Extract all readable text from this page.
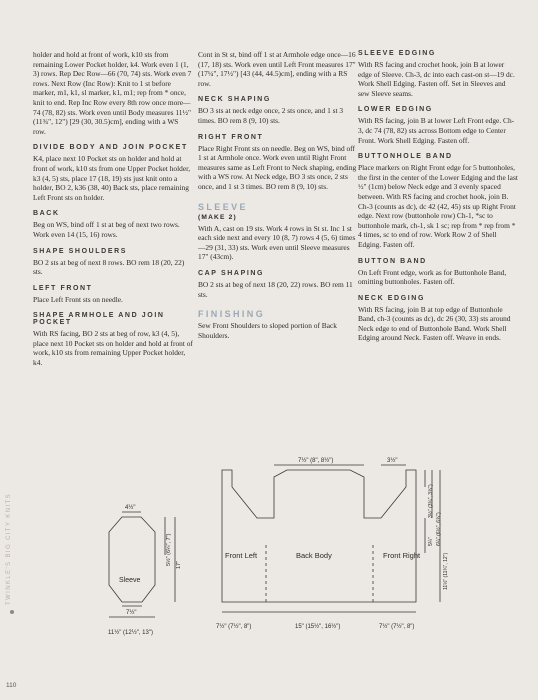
holder and hold at front of work, k10 sts from remaining Lower Pocket holder, k4. Work even 1 (1, 3) rows. Rep Dec Row—66 (70, 74) sts. Work even 7 rows. Next Row (Inc Row): Knit to 1 st before marker, m1, k1, sl marker, k1, m1; rep from * once, knit to end. Rep Inc Row every 8th row once more—74 (78, 82) sts. Work even until Body measures 11½" (11¾", 12") [29 (30, 30.5)cm], ending with a WS row.

DIVIDE BODY AND JOIN POCKET

K4, place next 10 Pocket sts on holder and hold at front of work, k10 sts from one Upper Pocket holder, k3 (4, 5) sts, place 17 (18, 19) sts just knit onto a holder, BO 2, k36 (38, 40) Back sts, place remaining Left Front sts on holder.

BACK

Beg on WS, bind off 1 st at beg of next two rows. Work even 14 (15, 16) rows.

SHAPE SHOULDERS

BO 2 sts at beg of next 8 rows. BO rem 18 (20, 22) sts.

LEFT FRONT

Place Left Front sts on needle.

SHAPE ARMHOLE AND JOIN POCKET

With RS facing, BO 2 sts at beg of row, k3 (4, 5), place next 10 Pocket sts on holder and hold at front of work, k10 sts from remaining Upper Pocket holder, k4.

Cont in St st, bind off 1 st at Armhole edge once—16 (17, 18) sts. Work even until Left Front measures 17" (17¼", 17½") [43 (44, 44.5)cm], ending with a RS row.

NECK SHAPING

BO 3 sts at neck edge once, 2 sts once, and 1 st 3 times. BO rem 8 (9, 10) sts.

RIGHT FRONT

Place Right Front sts on needle. Beg on WS, bind off 1 st at Armhole once. Work even until Right Front measures same as Left Front to Neck shaping, ending with a WS row. At Neck edge, BO 3 sts once, 2 sts once, and 1 st 3 times. BO rem 8 (9, 10) sts.

SLEEVE
(MAKE 2)

With A, cast on 19 sts. Work 4 rows in St st. Inc 1 st each side next and every 10 (8, 7) rows 4 (5, 6) times—29 (31, 33) sts. Work even until Sleeve measures 17" (43cm).

CAP SHAPING

BO 2 sts at beg of next 18 (20, 22) rows. BO rem 11 sts.

FINISHING

Sew Front Shoulders to sloped portion of Back Shoulders.

SLEEVE EDGING

With RS facing and crochet hook, join B at lower edge of Sleeve. Ch-3, dc into each cast-on st—19 dc. Work Shell Edging. Fasten off. Set in Sleeves and sew Sleeve seams.

LOWER EDGING

With RS facing, join B at lower Left Front edge. Ch-3, dc 74 (78, 82) sts across Bottom edge to Center Front. Work Shell Edging. Fasten off.

BUTTONHOLE BAND

Place markers on Right Front edge for 5 buttonholes, the first in the center of the Lower Edging and the last ½" (1cm) below Neck edge and 3 evenly spaced between. With RS facing and crochet hook, join B. Ch-3 (counts as dc), dc 42 (42, 45) sts up Right Front edge. Next row (buttonhole row) Ch-1, *sc to buttonhole mark, ch-1, sk 1 sc; rep from * rep from * 4 times, sc to end of row. Work Row 2 of Shell Edging. Fasten off.

BUTTON BAND

On Left Front edge, work as for Buttonhole Band, omitting buttonholes. Fasten off.

NECK EDGING

With RS facing, join B at top edge of Buttonhole Band, ch-3 (counts as dc), dc 26 (30, 33) sts around Neck edge to end of Buttonhole Band. Work Shell Edging around Neck. Fasten off. Weave in ends.

4½"
5½" (6¼", 7") 17"
Sleeve
7½"
11½" (12½", 13")
7½" (8", 8½")	3½"
Front Left	Back Body	Front Right
3½" (3¾", 3¾")
6¼" (6½", 6¾")
5¼"
11½" (11¾", 12")
7½" (7½", 8")	15" (15½", 16½")	7½" (7½", 8")
TWINKLE'S BIG CITY KNITS
110
